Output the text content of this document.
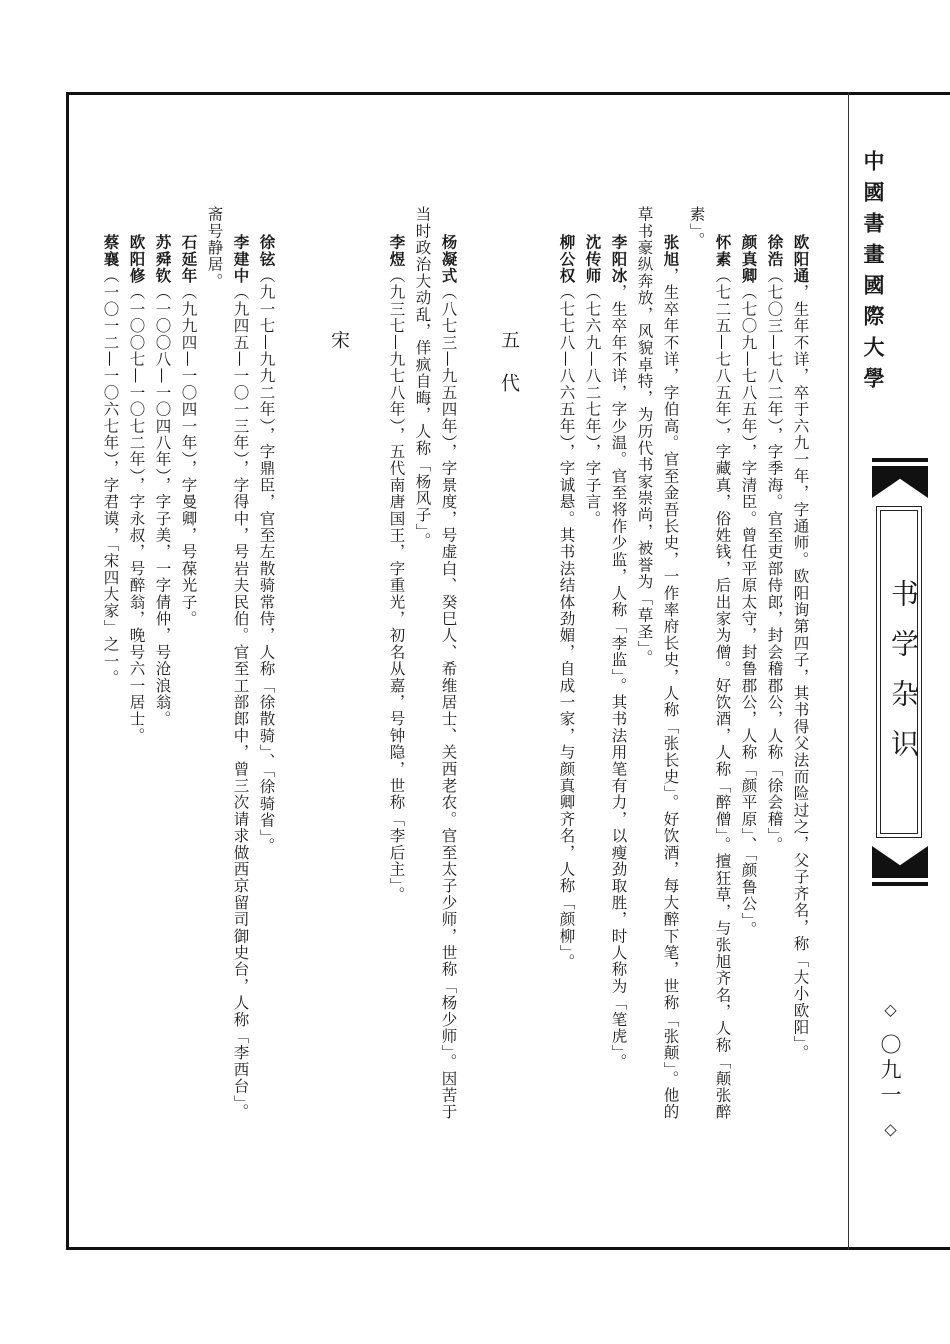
中國書畫國際大學
书
学
杂
识
◇ 〇九一 ◇
欧阳通，生年不详，卒于六九一年，字通师。欧阳询第四子，其书得父法而险过之，父子齐名，称「大小欧阳」。
徐浩（七〇三—七八二年），字季海。官至吏部侍郎，封会稽郡公，人称「徐会稽」。
颜真卿（七〇九—七八五年），字清臣。曾任平原太守，封鲁郡公，人称「颜平原」、「颜鲁公」。
怀素（七二五—七八五年），字藏真，俗姓钱，后出家为僧。好饮酒，人称「醉僧」。擅狂草，与张旭齐名，人称「颠张醉
素」。
张旭，生卒年不详，字伯高。官至金吾长史，一作率府长史，人称「张长史」。好饮酒，每大醉下笔，世称「张颠」。他的
草书豪纵奔放，风貌卓特，为历代书家崇尚，被誉为「草圣」。
李阳冰，生卒年不详，字少温。官至将作少监，人称「李监」。其书法用笔有力，以瘦劲取胜，时人称为「笔虎」。
沈传师（七六九—八二七年），字子言。
柳公权（七七八—八六五年），字诚悬。其书法结体劲媚，自成一家，与颜真卿齐名，人称「颜柳」。
五代
杨凝式（八七三—九五四年），字景度，号虚白、癸巳人、希维居士、关西老农。官至太子少师，世称「杨少师」。因苦于
当时政治大动乱，佯疯自晦，人称「杨风子」。
李煜（九三七—九七八年），五代南唐国王，字重光，初名从嘉，号钟隐，世称「李后主」。
宋
徐铉（九一七—九九二年），字鼎臣，官至左散骑常侍，人称「徐散骑」、「徐骑省」。
李建中（九四五—一〇一三年），字得中，号岩夫民伯。官至工部郎中，曾三次请求做西京留司御史台，人称「李西台」。
斋号静居。
石延年（九九四—一〇四一年），字曼卿，号葆光子。
苏舜钦（一〇〇八—一〇四八年），字子美，一字倩仲，号沧浪翁。
欧阳修（一〇〇七—一〇七二年），字永叔，号醉翁，晚号六一居士。
蔡襄（一〇一二—一〇六七年），字君谟，「宋四大家」之一。
